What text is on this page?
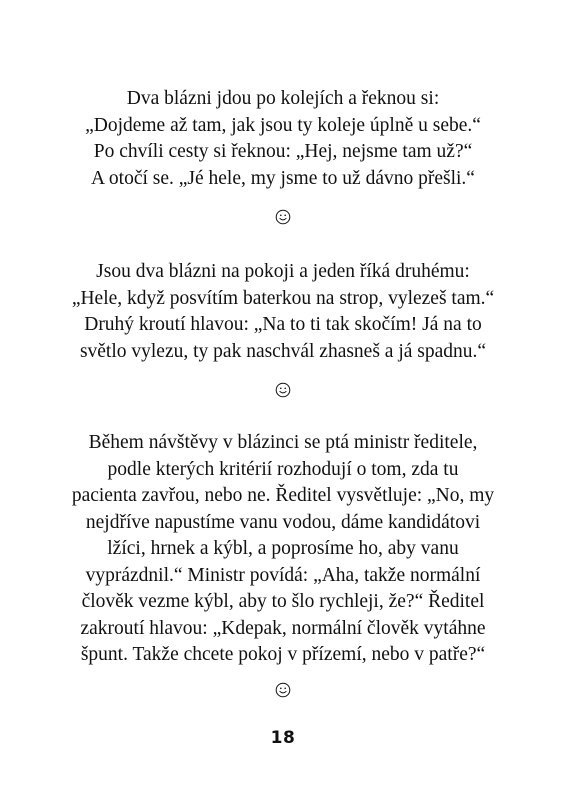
Dva blázni jdou po kolejích a řeknou si:
„Dojdeme až tam, jak jsou ty koleje úplně u sebe.“
Po chvíli cesty si řeknou: „Hej, nejsme tam už?“
A otočí se. „Jé hele, my jsme to už dávno přešli.“
Jsou dva blázni na pokoji a jeden říká druhému:
„Hele, když posvítím baterkou na strop, vylezeš tam.“
Druhý kroutí hlavou: „Na to ti tak skočím! Já na to
světlo vylezu, ty pak naschvál zhasneš a já spadnu.“
Během návštěvy v blázinci se ptá ministr ředitele,
podle kterých kritérií rozhodují o tom, zda tu
pacienta zavřou, nebo ne. Ředitel vysvětluje: „No, my
nejdříve napustíme vanu vodou, dáme kandidátovi
lžíci, hrnek a kýbl, a poprosíme ho, aby vanu
vyprázdnil.“ Ministr povídá: „Aha, takže normální
člověk vezme kýbl, aby to šlo rychleji, že?“ Ředitel
zakroutí hlavou: „Kdepak, normální člověk vytáhne
špunt. Takže chcete pokoj v přízemí, nebo v patře?“
18
